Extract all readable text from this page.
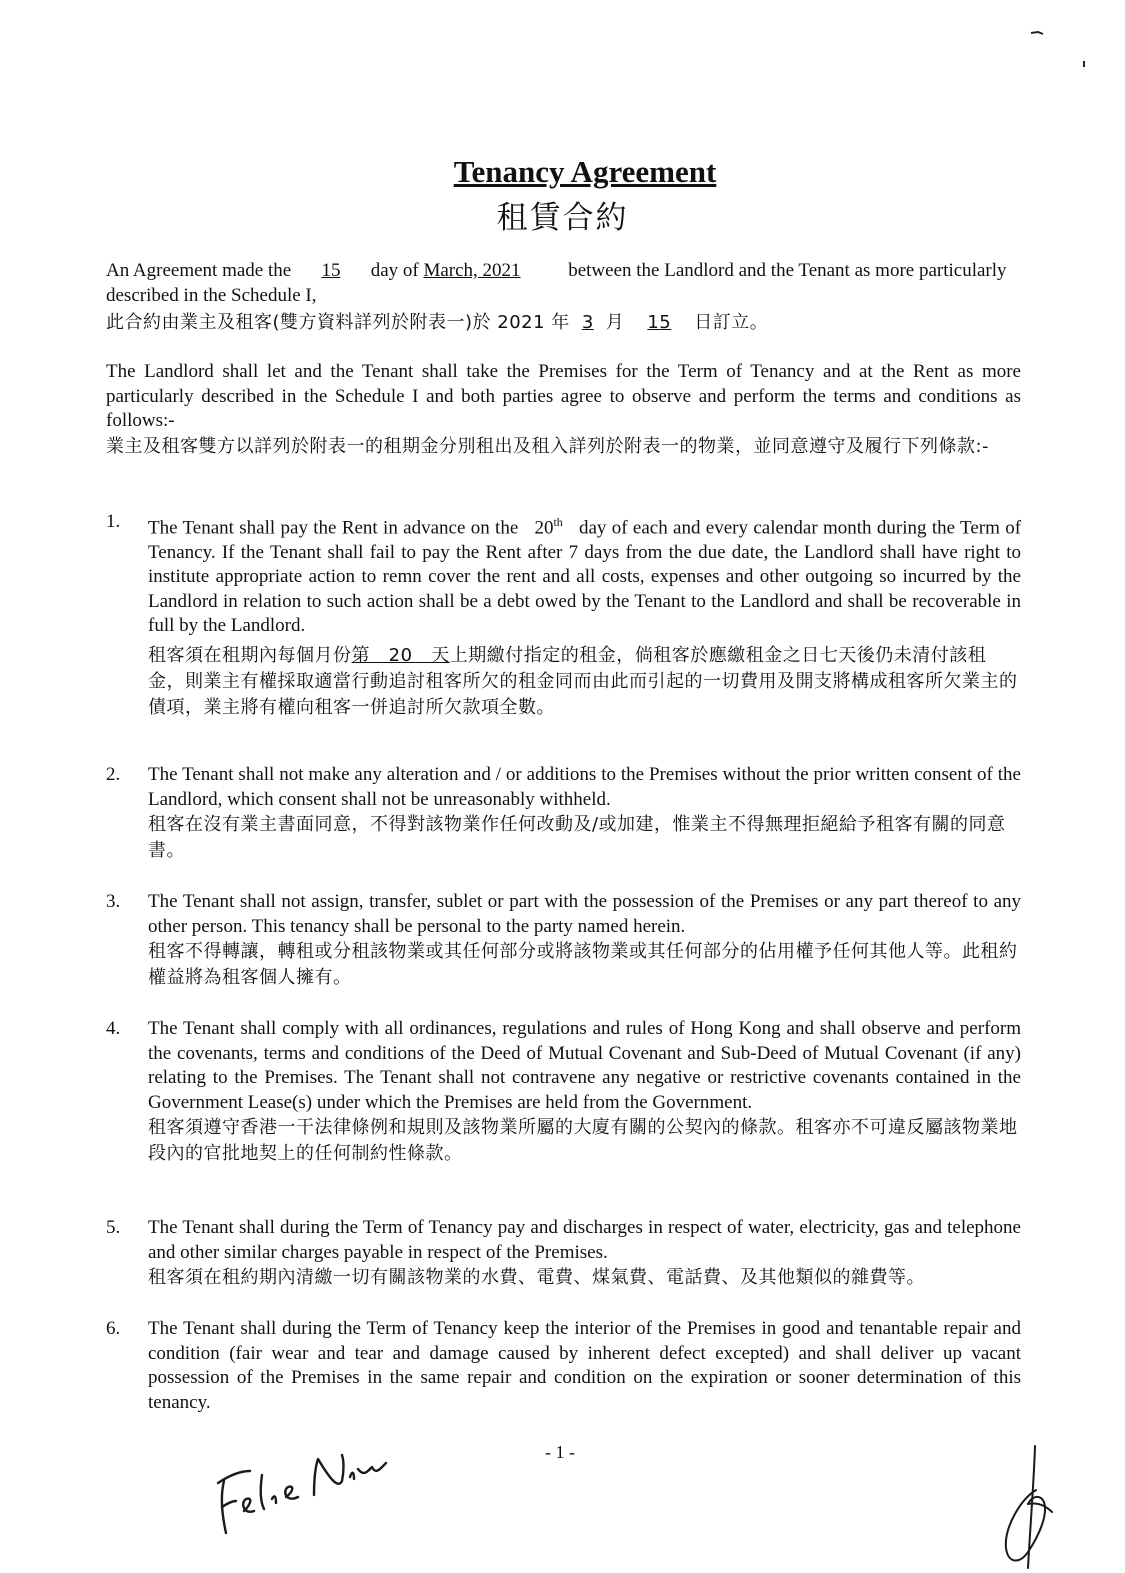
Tenancy Agreement
租賃合約
An Agreement made the 15 day of March, 2021	between the Landlord and the Tenant as more particularly described in the Schedule I,
此合約由業主及租客(雙方資料詳列於附表一)於 2021 年 3 月 15 日訂立。
The Landlord shall let and the Tenant shall take the Premises for the Term of Tenancy and at the Rent as more particularly described in the Schedule I and both parties agree to observe and perform the terms and conditions as follows:-
業主及租客雙方以詳列於附表一的租期金分別租出及租入詳列於附表一的物業，並同意遵守及履行下列條款:-
1. The Tenant shall pay the Rent in advance on the 20th day of each and every calendar month during the Term of Tenancy. If the Tenant shall fail to pay the Rent after 7 days from the due date, the Landlord shall have right to institute appropriate action to remn cover the rent and all costs, expenses and other outgoing so incurred by the Landlord in relation to such action shall be a debt owed by the Tenant to the Landlord and shall be recoverable in full by the Landlord.
租客須在租期內每個月份第   20   天上期繳付指定的租金，倘租客於應繳租金之日七天後仍未清付該租金，則業主有權採取適當行動追討租客所欠的租金同而由此而引起的一切費用及開支將構成租客所欠業主的債項，業主將有權向租客一併追討所欠款項全數。
2. The Tenant shall not make any alteration and / or additions to the Premises without the prior written consent of the Landlord, which consent shall not be unreasonably withheld.
租客在沒有業主書面同意，不得對該物業作任何改動及/或加建，惟業主不得無理拒絕給予租客有關的同意書。
3. The Tenant shall not assign, transfer, sublet or part with the possession of the Premises or any part thereof to any other person. This tenancy shall be personal to the party named herein.
租客不得轉讓，轉租或分租該物業或其任何部分或將該物業或其任何部分的佔用權予任何其他人等。此租約權益將為租客個人擁有。
4. The Tenant shall comply with all ordinances, regulations and rules of Hong Kong and shall observe and perform the covenants, terms and conditions of the Deed of Mutual Covenant and Sub-Deed of Mutual Covenant (if any) relating to the Premises. The Tenant shall not contravene any negative or restrictive covenants contained in the Government Lease(s) under which the Premises are held from the Government.
租客須遵守香港一干法律條例和規則及該物業所屬的大廈有關的公契內的條款。租客亦不可違反屬該物業地段內的官批地契上的任何制約性條款。
5. The Tenant shall during the Term of Tenancy pay and discharges in respect of water, electricity, gas and telephone and other similar charges payable in respect of the Premises.
租客須在租約期內清繳一切有關該物業的水費、電費、煤氣費、電話費、及其他類似的雜費等。
6. The Tenant shall during the Term of Tenancy keep the interior of the Premises in good and tenantable repair and condition (fair wear and tear and damage caused by inherent defect excepted) and shall deliver up vacant possession of the Premises in the same repair and condition on the expiration or sooner determination of this tenancy.
- 1 -
